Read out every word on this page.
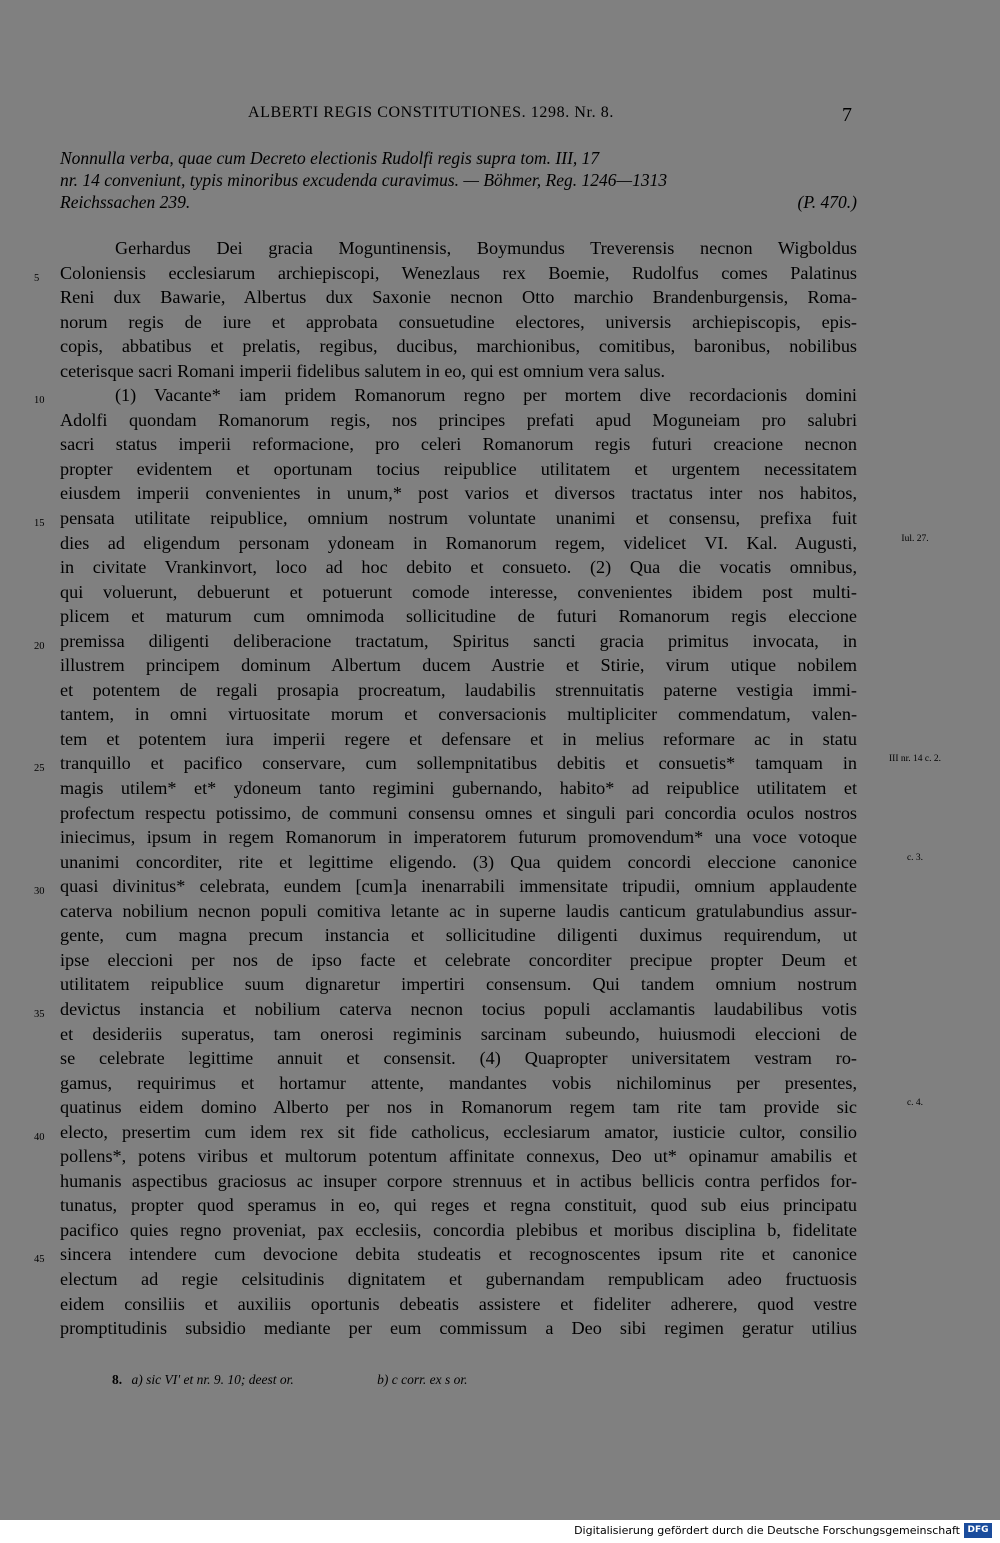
ALBERTI REGIS CONSTITUTIONES. 1298. Nr. 8.	7
Nonnulla verba, quae cum Decreto electionis Rudolfi regis supra tom. III, 17
nr. 14 conveniunt, typis minoribus excudenda curavimus. — Böhmer, Reg. 1246—1313
Reichssachen 239.	(P. 470.)
Gerhardus Dei gracia Moguntinensis, Boymundus Treverensis necnon Wigboldus
5	Coloniensis ecclesiarum archiepiscopi, Wenezlaus rex Boemie, Rudolfus comes Palatinus
Reni dux Bawarie, Albertus dux Saxonie necnon Otto marchio Brandenburgensis, Roma-
norum regis de iure et approbata consuetudine electores, universis archiepiscopis, epis-
copis, abbatibus et prelatis, regibus, ducibus, marchionibus, comitibus, baronibus, nobilibus
ceterisque sacri Romani imperii fidelibus salutem in eo, qui est omnium vera salus.
10	(1) Vacante* iam pridem Romanorum regno per mortem dive recordacionis domini
Adolfi quondam Romanorum regis, nos principes prefati apud Moguneiam pro salubri
sacri status imperii reformacione, pro celeri Romanorum regis futuri creacione necnon
propter evidentem et oportunam tocius reipublice utilitatem et urgentem necessitatem
eiusdem imperii convenientes in unum,* post varios et diversos tractatus inter nos habitos,
15 pensata utilitate reipublice, omnium nostrum voluntate unanimi et consensu, prefixa fuit
dies ad eligendum personam ydoneam in Romanorum regem, videlicet VI. Kal. Augusti,	Iul. 27.
in civitate Vrankinvort, loco ad hoc debito et consueto. (2) Qua die vocatis omnibus,
qui voluerunt, debuerunt et potuerunt comode interesse, convenientes ibidem post multi-
plicem et maturum cum omnimoda sollicitudine de futuri Romanorum regis eleccione
20 premissa diligenti deliberacione tractatum, Spiritus sancti gracia primitus invocata, in
illustrem principem dominum Albertum ducem Austrie et Stirie, virum utique nobilem
et potentem de regali prosapia procreatum, laudabilis strennuitatis paterne vestigia immi-
tantem, in omni virtuositate morum et conversacionis multipliciter commendatum, valen-
tem et potentem iura imperii regere et defensare et in melius reformare ac in statu
25 tranquillo et pacifico conservare, cum sollempnitatibus debitis et consuetis* tamquam in	III nr. 14 c. 2.
magis utilem* et* ydoneum tanto regimini gubernando, habito* ad reipublice utilitatem et
profectum respectu potissimo, de communi consensu omnes et singuli pari concordia oculos nostros
iniecimus, ipsum in regem Romanorum in imperatorem futurum promovendum* una voce votoque
unanimi concorditer, rite et legittime eligendo. (3) Qua quidem concordi eleccione canonice	c. 3.
30 quasi divinitus* celebrata, eundem [cum]a inenarrabili immensitate tripudii, omnium applaudente
caterva nobilium necnon populi comitiva letante ac in superne laudis canticum gratulabundius assur-
gente, cum magna precum instancia et sollicitudine diligenti duximus requirendum, ut
ipse eleccioni per nos de ipso facte et celebrate concorditer precipue propter Deum et
utilitatem reipublice suum dignaretur impertiri consensum. Qui tandem omnium nostrum
35 devictus instancia et nobilium caterva necnon tocius populi acclamantis laudabilibus votis
et desideriis superatus, tam onerosi regiminis sarcinam subeundo, huiusmodi eleccioni de
se celebrate legittime annuit et consensit. (4) Quapropter universitatem vestram ro-
gamus, requirimus et hortamur attente, mandantes vobis nichilominus per presentes,
quatinus eidem domino Alberto per nos in Romanorum regem tam rite tam provide sic	c. 4.
40 electo, presertim cum idem rex sit fide catholicus, ecclesiarum amator, iusticie cultor, consilio
pollens*, potens viribus et multorum potentum affinitate connexus, Deo ut* opinamur amabilis et
humanis aspectibus graciosus ac insuper corpore strennuus et in actibus bellicis contra perfidos for-
tunatus, propter quod speramus in eo, qui reges et regna constituit, quod sub eius principatu
pacifico quies regno proveniat, pax ecclesiis, concordia plebibus et moribus disciplina b, fidelitate
45 sincera intendere cum devocione debita studeatis et recognoscentes ipsum rite et canonice
electum ad regie celsitudinis dignitatem et gubernandam rempublicam adeo fructuosis
eidem consiliis et auxiliis oportunis debeatis assistere et fideliter adherere, quod vestre
promptitudinis subsidio mediante per eum commissum a Deo sibi regimen geratur utilius
8. a) sic VI' et nr. 9. 10; deest or.	b) c corr. ex s or.
Digitalisierung gefördert durch die Deutsche Forschungsgemeinschaft DFG
